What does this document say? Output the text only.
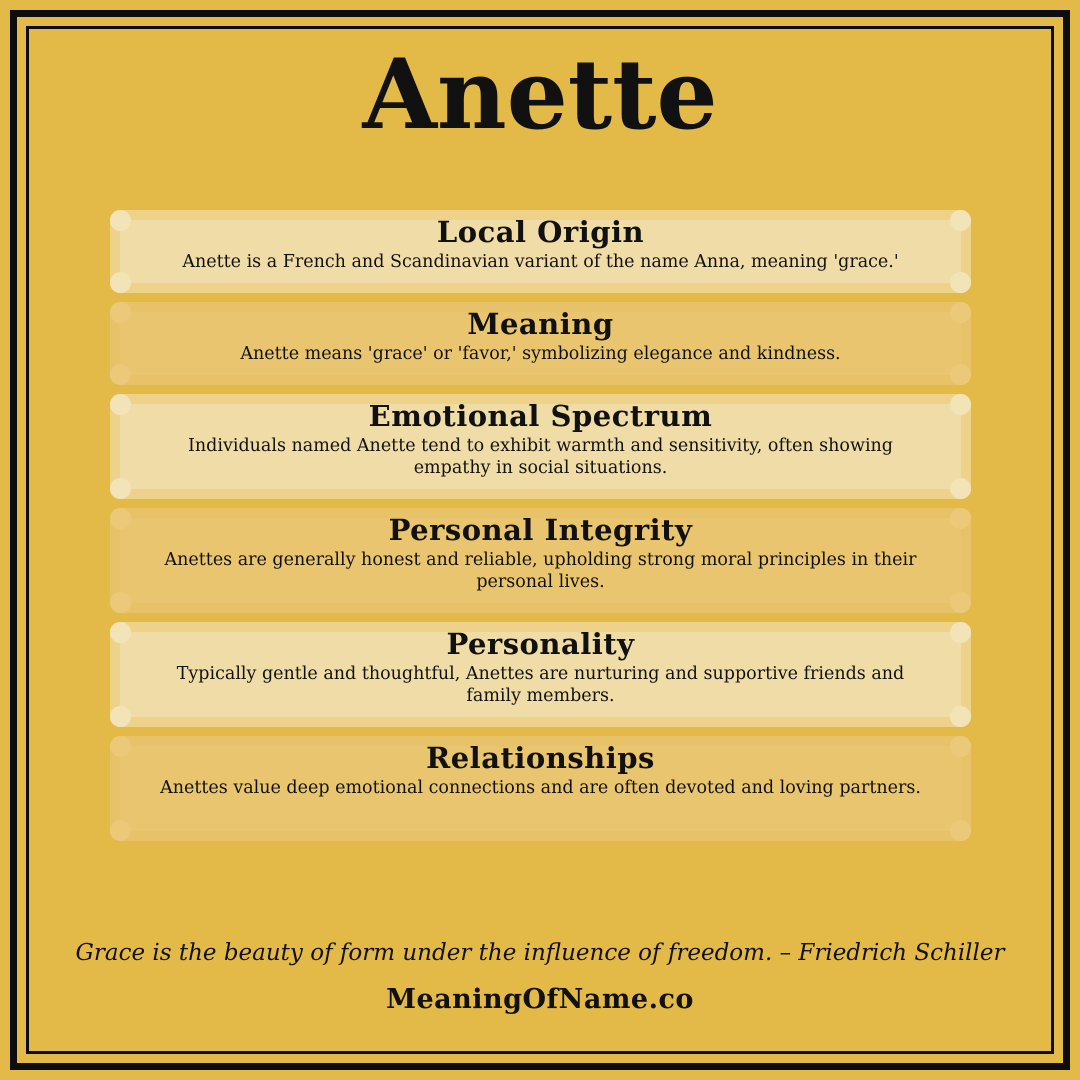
Anette
Local Origin

Anette is a French and Scandinavian variant of the name Anna, meaning 'grace.'

Meaning

Anette means 'grace' or 'favor,' symbolizing elegance and kindness.

Emotional Spectrum

Individuals named Anette tend to exhibit warmth and sensitivity, often showing empathy in social situations.

Personal Integrity

Anettes are generally honest and reliable, upholding strong moral principles in their personal lives.

Personality

Typically gentle and thoughtful, Anettes are nurturing and supportive friends and family members.

Relationships

Anettes value deep emotional connections and are often devoted and loving partners.

Grace is the beauty of form under the influence of freedom. – Friedrich Schiller

MeaningOfName.co
